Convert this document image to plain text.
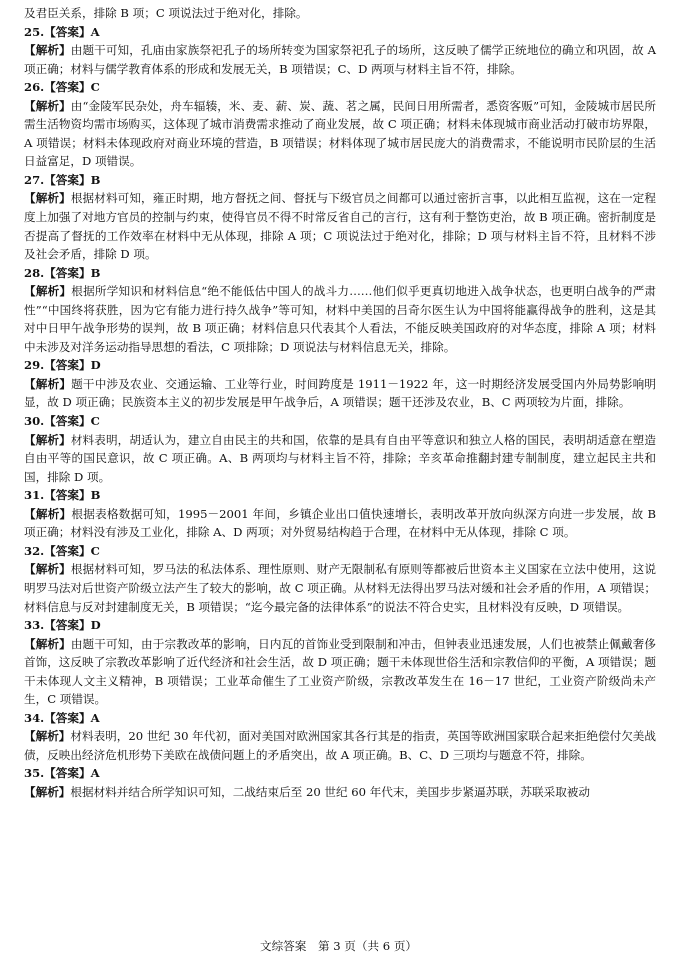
及君臣关系，排除 B 项；C 项说法过于绝对化，排除。

25.【答案】A

【解析】由题干可知，孔庙由家族祭祀孔子的场所转变为国家祭祀孔子的场所，这反映了儒学正统地位的确立和巩固，故 A 项正确；材料与儒学教育体系的形成和发展无关，B 项错误；C、D 两项与材料主旨不符，排除。

26.【答案】C

【解析】由“金陵军民杂处，舟车辐辏，米、麦、薪、炭、蔬、茗之属，民间日用所需者，悉资客贩”可知，金陵城市居民所需生活物资均需市场购买，这体现了城市消费需求推动了商业发展，故 C 项正确；材料未体现城市商业活动打破市坊界限，A 项错误；材料未体现政府对商业环境的营造，B 项错误；材料体现了城市居民庞大的消费需求，不能说明市民阶层的生活日益富足，D 项错误。

27.【答案】B

【解析】根据材料可知，雍正时期，地方督抚之间、督抚与下级官员之间都可以通过密折言事，以此相互监视，这在一定程度上加强了对地方官员的控制与约束，使得官员不得不时常反省自己的言行，这有利于整饬吏治，故 B 项正确。密折制度是否提高了督抚的工作效率在材料中无从体现，排除 A 项；C 项说法过于绝对化，排除；D 项与材料主旨不符，且材料不涉及社会矛盾，排除 D 项。

28.【答案】B

【解析】根据所学知识和材料信息“绝不能低估中国人的战斗力……他们似乎更真切地进入战争状态，也更明白战争的严肃性”“中国终将获胜，因为它有能力进行持久战争”等可知，材料中美国的吕奇尔医生认为中国将能赢得战争的胜利，这是其对中日甲午战争形势的误判，故 B 项正确；材料信息只代表其个人看法，不能反映美国政府的对华态度，排除 A 项；材料中未涉及对洋务运动指导思想的看法，C 项排除；D 项说法与材料信息无关，排除。

29.【答案】D

【解析】题干中涉及农业、交通运输、工业等行业，时间跨度是 1911－1922 年，这一时期经济发展受国内外局势影响明显，故 D 项正确；民族资本主义的初步发展是甲午战争后，A 项错误；题干还涉及农业，B、C 两项较为片面，排除。

30.【答案】C

【解析】材料表明，胡适认为，建立自由民主的共和国，依靠的是具有自由平等意识和独立人格的国民，表明胡适意在塑造自由平等的国民意识，故 C 项正确。A、B 两项均与材料主旨不符，排除；辛亥革命推翻封建专制制度，建立起民主共和国，排除 D 项。

31.【答案】B

【解析】根据表格数据可知，1995－2001 年间，乡镇企业出口值快速增长，表明改革开放向纵深方向进一步发展，故 B 项正确；材料没有涉及工业化，排除 A、D 两项；对外贸易结构趋于合理，在材料中无从体现，排除 C 项。

32.【答案】C

【解析】根据材料可知，罗马法的私法体系、理性原则、财产无限制私有原则等都被后世资本主义国家在立法中使用，这说明罗马法对后世资产阶级立法产生了较大的影响，故 C 项正确。从材料无法得出罗马法对缓和社会矛盾的作用，A 项错误；材料信息与反对封建制度无关，B 项错误；“迄今最完备的法律体系”的说法不符合史实，且材料没有反映，D 项错误。

33.【答案】D

【解析】由题干可知，由于宗教改革的影响，日内瓦的首饰业受到限制和冲击，但钟表业迅速发展，人们也被禁止佩戴奢侈首饰，这反映了宗教改革影响了近代经济和社会生活，故 D 项正确；题干未体现世俗生活和宗教信仰的平衡，A 项错误；题干未体现人文主义精神，B 项错误；工业革命催生了工业资产阶级，宗教改革发生在 16－17 世纪，工业资产阶级尚未产生，C 项错误。

34.【答案】A

【解析】材料表明，20 世纪 30 年代初，面对美国对欧洲国家其各行其是的指责，英国等欧洲国家联合起来拒绝偿付欠美战债，反映出经济危机形势下美欧在战债问题上的矛盾突出，故 A 项正确。B、C、D 三项均与题意不符，排除。

35.【答案】A

【解析】根据材料并结合所学知识可知，二战结束后至 20 世纪 60 年代末，美国步步紧逼苏联，苏联采取被动

文综答案　第 3 页（共 6 页）
